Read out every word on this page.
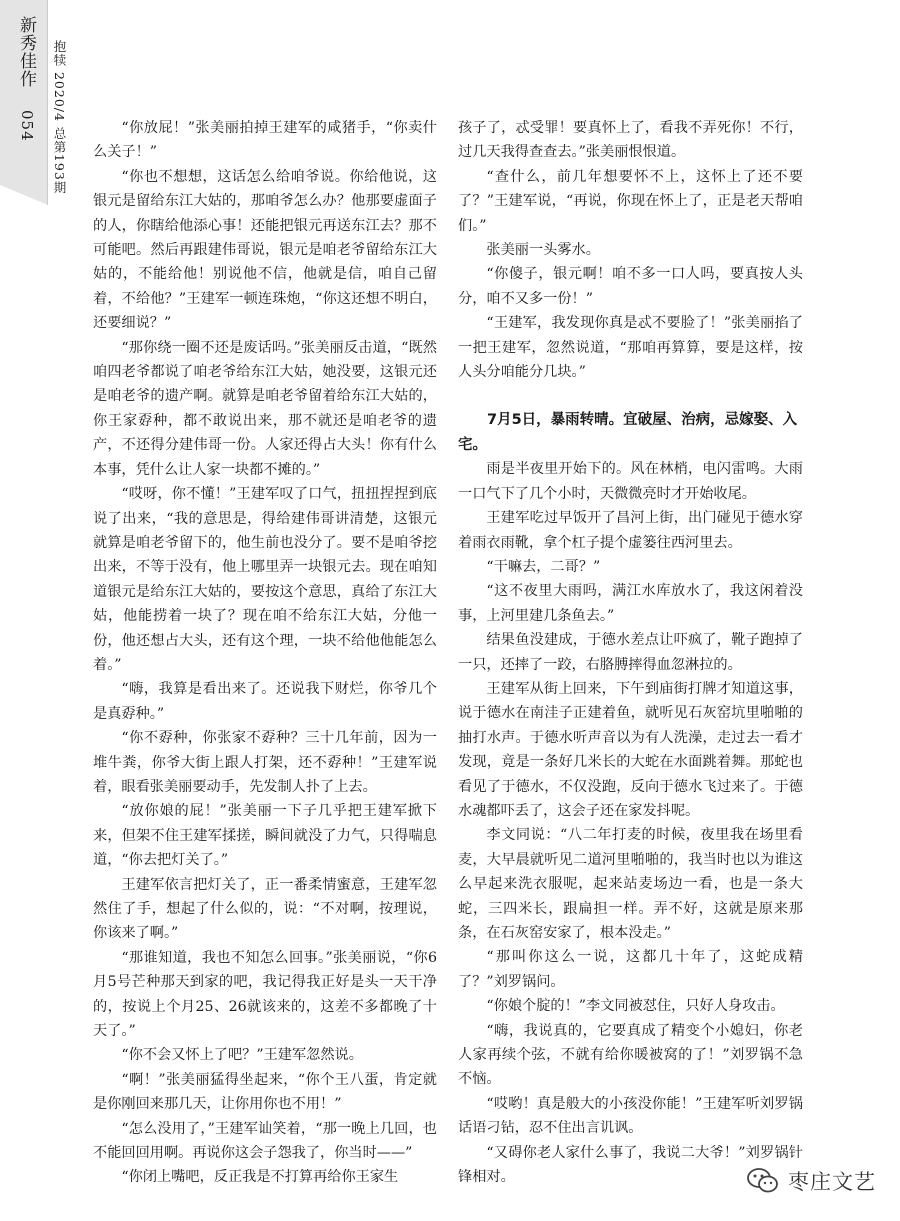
新秀佳作
054 抱犊 2020/4 总第193期	“你放屁！”张美丽拍掉王建军的咸猪手，“你卖什么关子！”

“你也不想想，这话怎么给咱爷说。你给他说，这银元是留给东江大姑的，那咱爷怎么办？他那要虚面子的人，你瞎给他添心事！还能把银元再送东江去？那不可能吧。然后再跟建伟哥说，银元是咱老爷留给东江大姑的，不能给他！别说他不信，他就是信，咱自己留着，不给他？”王建军一顿连珠炮，“你这还想不明白，还要细说？”

“那你绕一圈不还是废话吗。”张美丽反击道，“既然咱四老爷都说了咱老爷给东江大姑，她没要，这银元还是咱老爷的遗产啊。就算是咱老爷留着给东江大姑的，你王家孬种，都不敢说出来，那不就还是咱老爷的遗产，不还得分建伟哥一份。人家还得占大头！你有什么本事，凭什么让人家一块都不摊的。”

“哎呀，你不懂！”王建军叹了口气，扭扭捏捏到底说了出来，“我的意思是，得给建伟哥讲清楚，这银元就算是咱老爷留下的，他生前也没分了。要不是咱爷挖出来，不等于没有，他上哪里弄一块银元去。现在咱知道银元是给东江大姑的，要按这个意思，真给了东江大姑，他能捞着一块了？现在咱不给东江大姑，分他一份，他还想占大头，还有这个理，一块不给他他能怎么着。”

“嗨，我算是看出来了。还说我下财烂，你爷几个是真孬种。”

“你不孬种，你张家不孬种？三十几年前，因为一堆牛粪，你爷大街上跟人打架，还不孬种！”王建军说着，眼看张美丽要动手，先发制人扑了上去。

“放你娘的屁！”张美丽一下子几乎把王建军掀下来，但架不住王建军揉搓，瞬间就没了力气，只得喘息道，“你去把灯关了。”

王建军依言把灯关了，正一番柔情蜜意，王建军忽然住了手，想起了什么似的，说：“不对啊，按理说，你该来了啊。”

“那谁知道，我也不知怎么回事。”张美丽说，“你6月5号芒种那天到家的吧，我记得我正好是头一天干净的，按说上个月25、26就该来的，这差不多都晚了十天了。”

“你不会又怀上了吧？”王建军忽然说。

“啊！”张美丽猛得坐起来，“你个王八蛋，肯定就是你刚回来那几天，让你用你也不用！”

“怎么没用了，”王建军讪笑着，“那一晚上几回，也不能回回用啊。再说你这会子怨我了，你当时——”

“你闭上嘴吧，反正我是不打算再给你王家生

孩子了，忒受罪！要真怀上了，看我不弄死你！不行，过几天我得查查去。”张美丽恨恨道。

“查什么，前几年想要怀不上，这怀上了还不要了？”王建军说，“再说，你现在怀上了，正是老天帮咱们。”

张美丽一头雾水。

“你傻子，银元啊！咱不多一口人吗，要真按人头分，咱不又多一份！”

“王建军，我发现你真是忒不要脸了！”张美丽掐了一把王建军，忽然说道，“那咱再算算，要是这样，按人头分咱能分几块。”

7月5日，暴雨转晴。宜破屋、治病，忌嫁娶、入宅。

雨是半夜里开始下的。风在林梢，电闪雷鸣。大雨一口气下了几个小时，天微微亮时才开始收尾。

王建军吃过早饭开了昌河上街，出门碰见于德水穿着雨衣雨靴，拿个杠子提个虚篓往西河里去。

“干嘛去，二哥？”

“这不夜里大雨吗，满江水库放水了，我这闲着没事，上河里建几条鱼去。”

结果鱼没建成，于德水差点让吓疯了，靴子跑掉了一只，还摔了一跤，右胳膊摔得血忽淋拉的。

王建军从街上回来，下午到庙街打牌才知道这事，说于德水在南洼子正建着鱼，就听见石灰窑坑里啪啪的抽打水声。于德水听声音以为有人洗澡，走过去一看才发现，竟是一条好几米长的大蛇在水面跳着舞。那蛇也看见了于德水，不仅没跑，反向于德水飞过来了。于德水魂都吓丢了，这会子还在家发抖呢。

李文同说：“八二年打麦的时候，夜里我在场里看麦，大早晨就听见二道河里啪啪的，我当时也以为谁这么早起来洗衣服呢，起来站麦场边一看，也是一条大蛇，三四米长，跟扁担一样。弄不好，这就是原来那条，在石灰窑安家了，根本没走。”

“那叫你这么一说，这都几十年了，这蛇成精了？”刘罗锅问。

“你娘个腚的！”李文同被怼住，只好人身攻击。

“嗨，我说真的，它要真成了精变个小媳妇，你老人家再续个弦，不就有给你暖被窝的了！”刘罗锅不急不恼。

“哎哟！真是般大的小孩没你能！”王建军听刘罗锅话语刁钻，忍不住出言讥讽。

“又碍你老人家什么事了，我说二大爷！”刘罗锅针锋相对。	枣庄文艺
